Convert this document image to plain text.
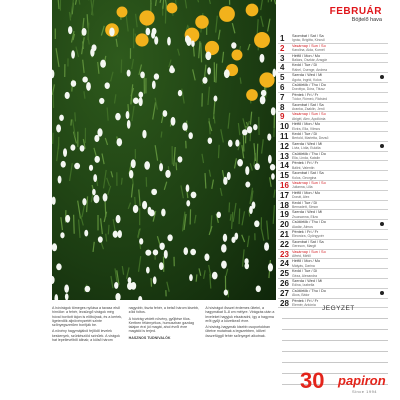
FEBRUÁR
Böjtelő hava
1 Szombat / Sat / Sa
Ignác, Brigitta, Kincső
2 Vasárnap / Sun / So
Karolina, Aida, Kornél
3 Hétfő / Mon / Mo
Balázs, Oszkár, Ansgár
4 Kedd / Tue / Di
Ráhel, Csenge, Andrea
5 Szerda / Wed / Mi
Ágota, Ingrid, Kolos
6 Csütörtök / Thu / Do
Dorottya, Dóra, Titusz
7 Péntek / Fri / Fr
Tódor, Rómeó, Richárd
8 Szombat / Sat / Sa
Aranka, Zsaklin, Jenő
9 Vasárnap / Sun / So
Abigél, Alex, Apollónia
10 Hétfő / Mon / Mo
Elvira, Ella, Vilmos
11 Kedd / Tue / Di
Bertold, Marietta, Dezső
12 Szerda / Wed / Mi
Lívia, Lídia, Eulália
13 Csütörtök / Thu / Do
Ella, Linda, Katalin
14 Péntek / Fri / Fr
Bálint, Valentin
15 Szombat / Sat / Sa
Kolos, Georgina
16 Vasárnap / Sun / So
Julianna, Lilla
17 Hétfő / Mon / Mo
Donát, Alex
18 Kedd / Tue / Di
Bernadett, Simon
19 Szerda / Wed / Mi
Zsuzsanna, Eliza
20 Csütörtök / Thu / Do
Aladár, Álmos
21 Péntek / Fri / Fr
Eleonóra, Gyöngyvér
22 Szombat / Sat / Sa
Gerzson, Margit
23 Vasárnap / Sun / So
Alfréd, Mirtill
24 Hétfő / Mon / Mo
Mátyás, Darina
25 Kedd / Tue / Di
Géza, Alexandra
26 Szerda / Wed / Mi
Edina, Izabella
27 Csütörtök / Thu / Do
Ákos, Bátor
28 Péntek / Fri / Fr
Elemér, Antónia
JEGYZET

A hóvirágok tömeges nyílása a tavasz első hírnöke: a fehér, lecsüngő virágok még hóval borított tájon is előbújnak, és a kertek, ligeterdők aljnövényzetét szinte szőnyegszerűen borítják be.

A növény hagymájából fejlődő levelek keskenyek, szürkészöld színűek. A virágok hat lepellevélből állnak; a külső három nagyobb, tiszta fehér, a belső három kisebb, zöld foltos.

A hóvirág védett növény, gyűjtése tilos. Kertben félárnyékos, humuszban gazdag talajon érzi jól magát, ahol évről évre magától is terjed.

HASZNOS TUDNIVALÓK

A hóvirágot ősszel érdemes ültetni, a hagymákat 5–8 cm mélyre. Virágzás után a leveleket hagyjuk elszáradni, így a hagyma erőt gyűjt a következő évre.

A hóvirág-hagymák kisebb csoportokban ültetve mutatnak a legszebben, idővel összefüggő fehér szőnyeget alkotnak.

30 papiron
Since 1994
